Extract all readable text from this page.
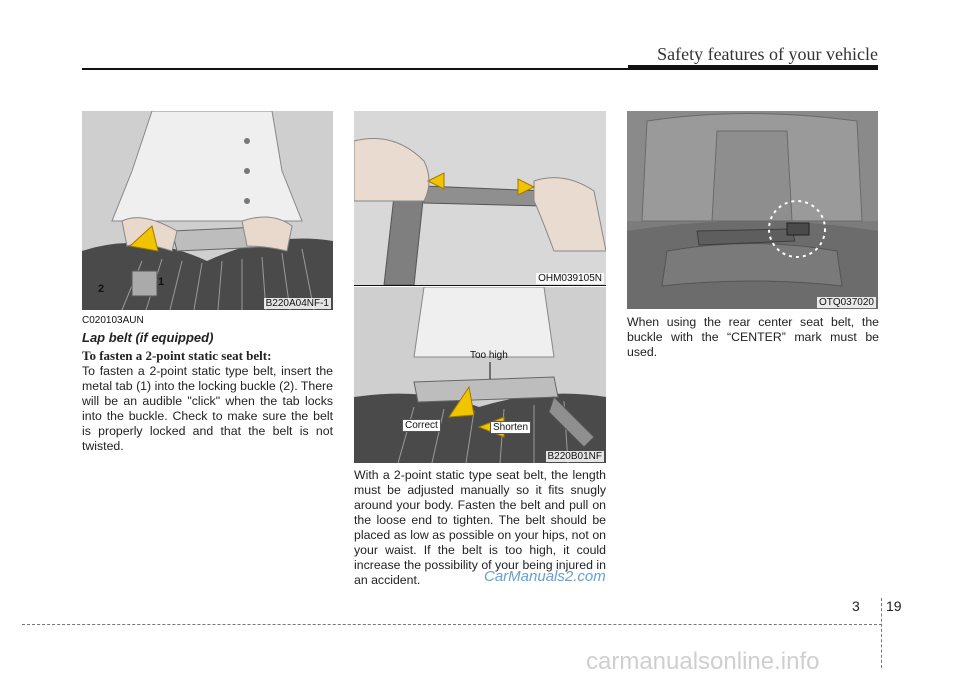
Safety features of your vehicle
1
2
B220A04NF-1
C020103AUN
Lap belt (if equipped)
To fasten a 2-point static seat belt:
To fasten a 2-point static type belt, insert the metal tab (1) into the locking buckle (2). There will be an audible "click" when the tab locks into the buckle. Check to make sure the belt is properly locked and that the belt is not twisted.
OHM039105N
Too high
Correct	Shorten
B220B01NF
With a 2-point static type seat belt, the length must be adjusted manually so it fits snugly around your body. Fasten the belt and pull on the loose end to tighten. The belt should be placed as low as possible on your hips, not on your waist. If the belt is too high, it could increase the possibility of your being injured in an accident.
OTQ037020
When using the rear center seat belt, the buckle with the “CENTER” mark must be used.
CarManuals2.com
3 19
carmanualsonline.info
